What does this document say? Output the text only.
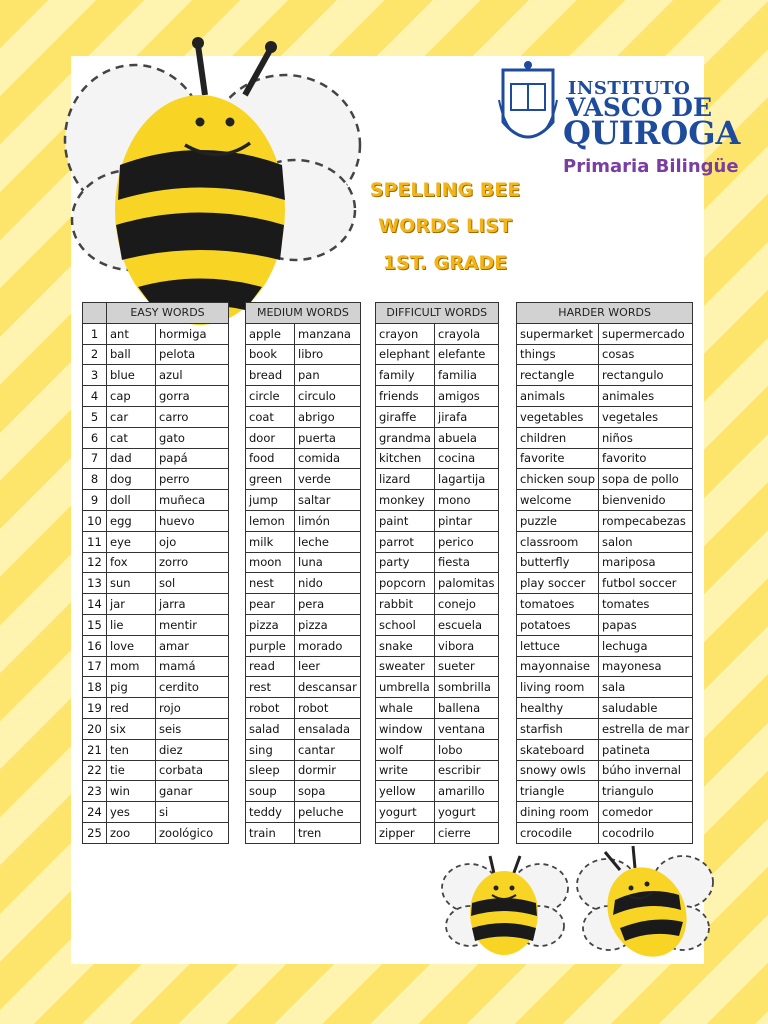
INSTITUTO
VASCO DE
QUIROGA
Primaria Bilingüe
SPELLING BEE
WORDS LIST
1ST. GRADE
	EASY WORDS	
1	ant	hormiga
2	ball	pelota
3	blue	azul
4	cap	gorra
5	car	carro
6	cat	gato
7	dad	papá
8	dog	perro
9	doll	muñeca
10	egg	huevo
11	eye	ojo
12	fox	zorro
13	sun	sol
14	jar	jarra
15	lie	mentir
16	love	amar
17	mom	mamá
18	pig	cerdito
19	red	rojo
20	six	seis
21	ten	diez
22	tie	corbata
23	win	ganar
24	yes	si
25	zoo	zoológico
MEDIUM WORDS	
apple	manzana
book	libro
bread	pan
circle	circulo
coat	abrigo
door	puerta
food	comida
green	verde
jump	saltar
lemon	limón
milk	leche
moon	luna
nest	nido
pear	pera
pizza	pizza
purple	morado
read	leer
rest	descansar
robot	robot
salad	ensalada
sing	cantar
sleep	dormir
soup	sopa
teddy	peluche
train	tren
DIFFICULT WORDS	
crayon	crayola
elephant	elefante
family	familia
friends	amigos
giraffe	jirafa
grandma	abuela
kitchen	cocina
lizard	lagartija
monkey	mono
paint	pintar
parrot	perico
party	fiesta
popcorn	palomitas
rabbit	conejo
school	escuela
snake	vibora
sweater	sueter
umbrella	sombrilla
whale	ballena
window	ventana
wolf	lobo
write	escribir
yellow	amarillo
yogurt	yogurt
zipper	cierre
HARDER WORDS	
supermarket	supermercado
things	cosas
rectangle	rectangulo
animals	animales
vegetables	vegetales
children	niños
favorite	favorito
chicken soup	sopa de pollo
welcome	bienvenido
puzzle	rompecabezas
classroom	salon
butterfly	mariposa
play soccer	futbol soccer
tomatoes	tomates
potatoes	papas
lettuce	lechuga
mayonnaise	mayonesa
living room	sala
healthy	saludable
starfish	estrella de mar
skateboard	patineta
snowy owls	búho invernal
triangle	triangulo
dining room	comedor
crocodile	cocodrilo
